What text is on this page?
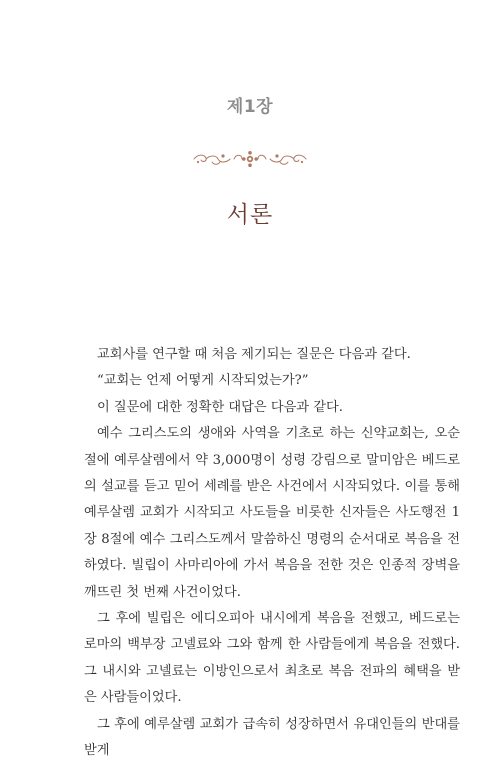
제1장
서론

교회사를 연구할 때 처음 제기되는 질문은 다음과 같다.

“교회는 언제 어떻게 시작되었는가?”

이 질문에 대한 정확한 대답은 다음과 같다.

예수 그리스도의 생애와 사역을 기초로 하는 신약교회는, 오순절에 예루살렘에서 약 3,000명이 성령 강림으로 말미암은 베드로의 설교를 듣고 믿어 세례를 받은 사건에서 시작되었다. 이를 통해 예루살렘 교회가 시작되고 사도들을 비롯한 신자들은 사도행전 1장 8절에 예수 그리스도께서 말씀하신 명령의 순서대로 복음을 전하였다. 빌립이 사마리아에 가서 복음을 전한 것은 인종적 장벽을 깨뜨린 첫 번째 사건이었다.

그 후에 빌립은 에디오피아 내시에게 복음을 전했고, 베드로는 로마의 백부장 고넬료와 그와 함께 한 사람들에게 복음을 전했다. 그 내시와 고넬료는 이방인으로서 최초로 복음 전파의 혜택을 받은 사람들이었다.

그 후에 예루살렘 교회가 급속히 성장하면서 유대인들의 반대를 받게
